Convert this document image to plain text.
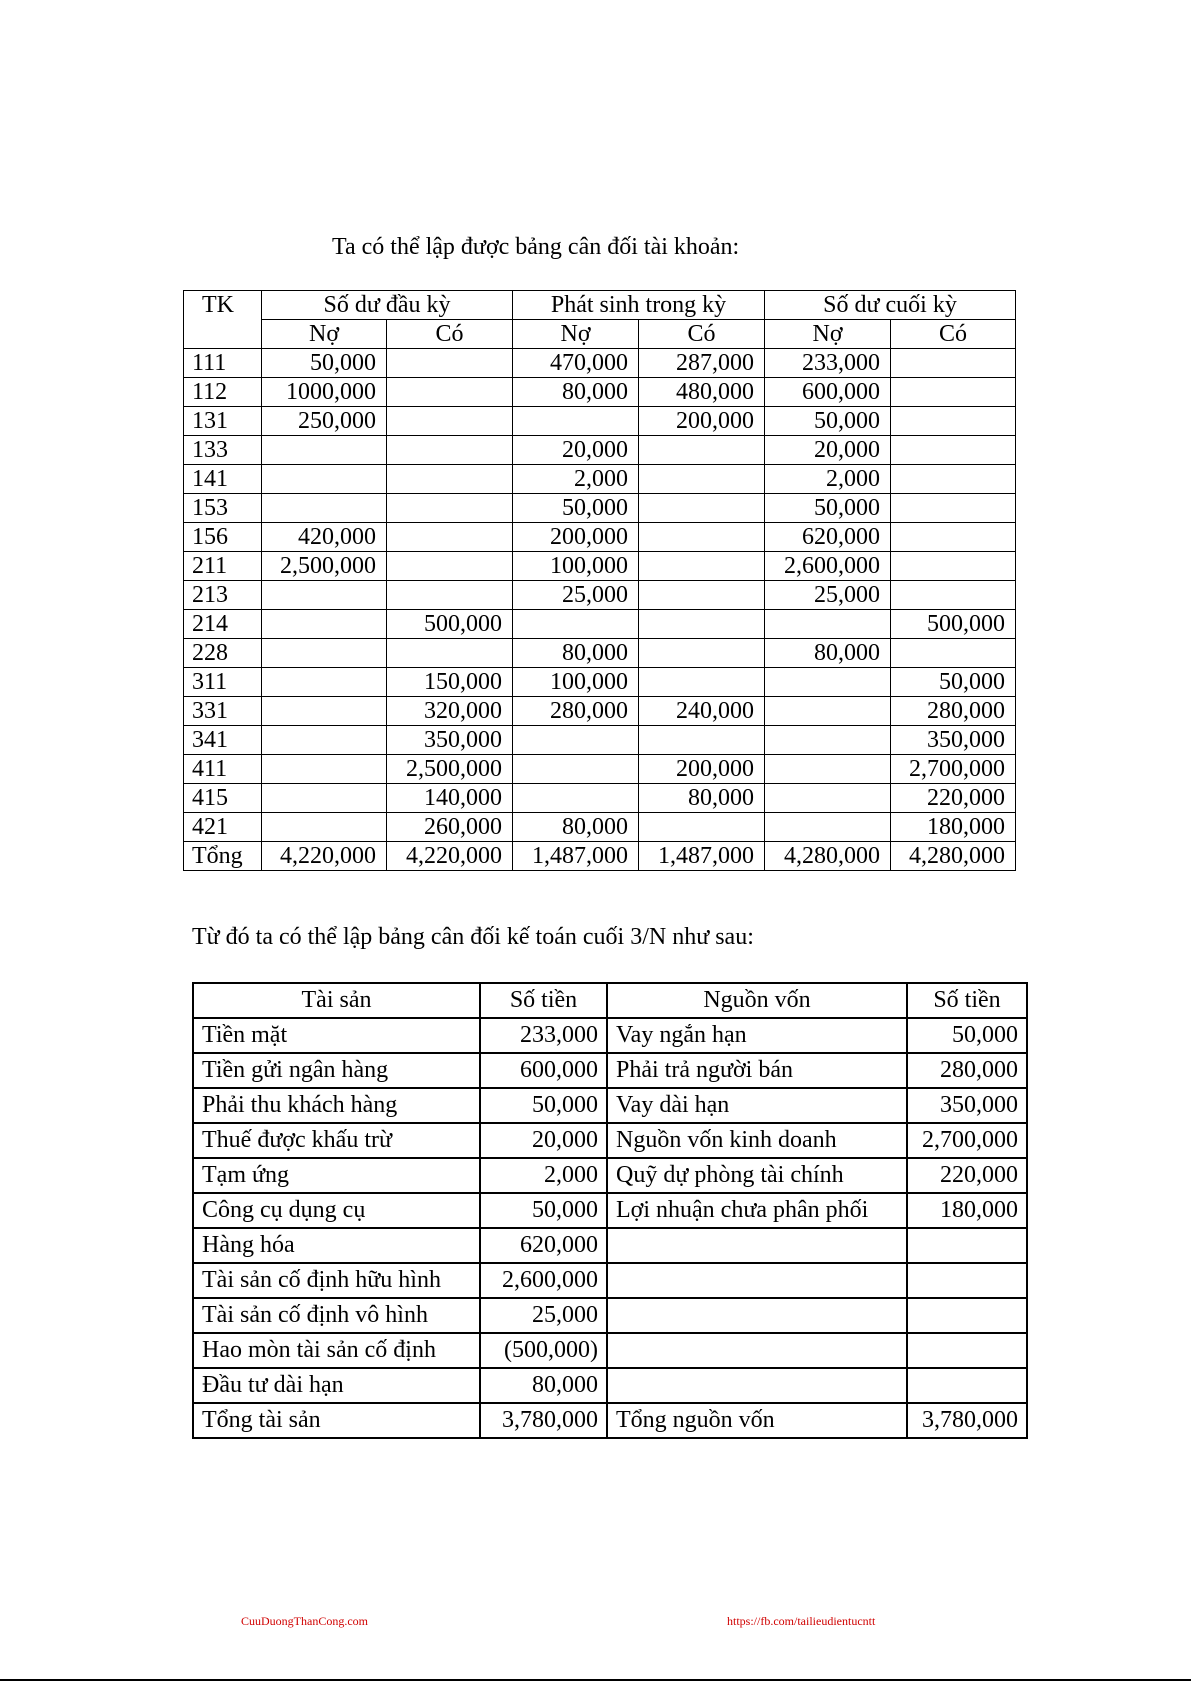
Ta có thể lập được bảng cân đối tài khoản:
TK	Số dư đầu kỳ		Phát sinh trong kỳ		Số dư cuối kỳ	
	Nợ	Có	Nợ	Có	Nợ	Có
111	50,000		470,000	287,000	233,000	
112	1000,000		80,000	480,000	600,000	
131	250,000			200,000	50,000	
133			20,000		20,000	
141			2,000		2,000	
153			50,000		50,000	
156	420,000		200,000		620,000	
211	2,500,000		100,000		2,600,000	
213			25,000		25,000	
214		500,000				500,000
228			80,000		80,000	
311		150,000	100,000			50,000
331		320,000	280,000	240,000		280,000
341		350,000				350,000
411		2,500,000		200,000		2,700,000
415		140,000		80,000		220,000
421		260,000	80,000			180,000
Tổng	4,220,000	4,220,000	1,487,000	1,487,000	4,280,000	4,280,000
Từ đó ta có thể lập bảng cân đối kế toán cuối 3/N như sau:
Tài sản	Số tiền	Nguồn vốn	Số tiền
Tiền mặt	233,000	Vay ngắn hạn	50,000
Tiền gửi ngân hàng	600,000	Phải trả người bán	280,000
Phải thu khách hàng	50,000	Vay dài hạn	350,000
Thuế được khấu trừ	20,000	Nguồn vốn kinh doanh	2,700,000
Tạm ứng	2,000	Quỹ dự phòng tài chính	220,000
Công cụ dụng cụ	50,000	Lợi nhuận chưa phân phối	180,000
Hàng hóa	620,000		
Tài sản cố định hữu hình	2,600,000		
Tài sản cố định vô hình	25,000		
Hao mòn tài sản cố định	(500,000)		
Đầu tư dài hạn	80,000		
Tổng tài sản	3,780,000	Tổng nguồn vốn	3,780,000
CuuDuongThanCong.com	https://fb.com/tailieudientucntt
